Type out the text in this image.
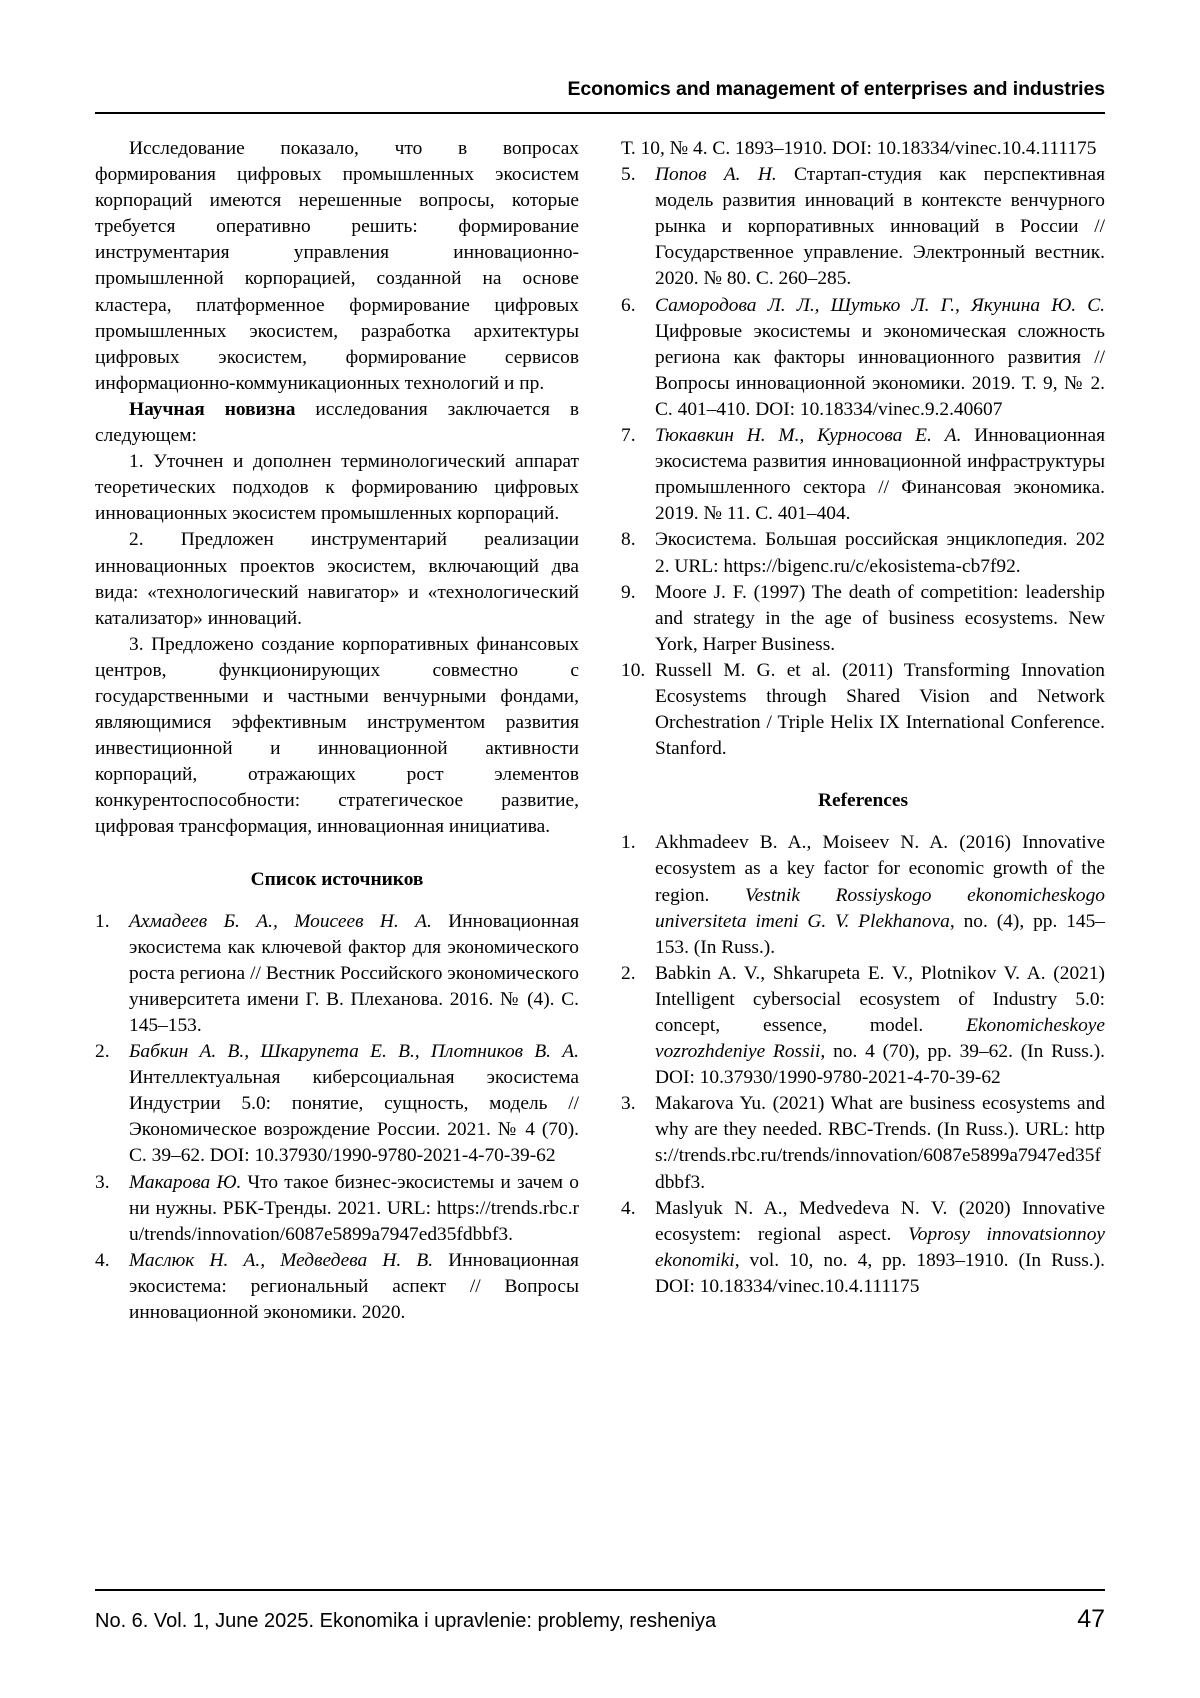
Economics and management of enterprises and industries

Исследование показало, что в вопросах формирования цифровых промышленных экосистем корпораций имеются нерешенные вопросы, которые требуется оперативно решить: формирование инструментария управления инновационно-промышленной корпорацией, созданной на основе кластера, платформенное формирование цифровых промышленных экосистем, разработка архитектуры цифровых экосистем, формирование сервисов информационно-коммуникационных технологий и пр.

Научная новизна исследования заключается в следующем:

1. Уточнен и дополнен терминологический аппарат теоретических подходов к формированию цифровых инновационных экосистем промышленных корпораций.

2. Предложен инструментарий реализации инновационных проектов экосистем, включающий два вида: «технологический навигатор» и «технологический катализатор» инноваций.

3. Предложено создание корпоративных финансовых центров, функционирующих совместно с государственными и частными венчурными фондами, являющимися эффективным инструментом развития инвестиционной и инновационной активности корпораций, отражающих рост элементов конкурентоспособности: стратегическое развитие, цифровая трансформация, инновационная инициатива.

Список источников
1.	Ахмадеев Б. А., Моисеев Н. А. Инновационная экосистема как ключевой фактор для экономического роста региона // Вестник Российского экономического университета имени Г. В. Плеханова. 2016. № (4). С. 145–153.
2.	Бабкин А. В., Шкарупета Е. В., Плотников В. А. Интеллектуальная киберсоциальная экосистема Индустрии 5.0: понятие, сущность, модель // Экономическое возрождение России. 2021. № 4 (70). С. 39–62. DOI: 10.37930/1990-9780-2021-4-70-39-62
3.	Макарова Ю. Что такое бизнес-экосистемы и зачем они нужны. РБК-Тренды. 2021. URL: https://trends.rbc.ru/trends/innovation/6087e5899a7947ed35fdbbf3.
4.	Маслюк Н. А., Медведева Н. В. Инновационная экосистема: региональный аспект // Вопросы инновационной экономики. 2020.

Т. 10, № 4. С. 1893–1910. DOI: 10.18334/vinec.10.4.111175

5.	Попов А. Н. Стартап-студия как перспективная модель развития инноваций в контексте венчурного рынка и корпоративных инноваций в России // Государственное управление. Электронный вестник. 2020. № 80. С. 260–285.
6.	Самородова Л. Л., Шутько Л. Г., Якунина Ю. С. Цифровые экосистемы и экономическая сложность региона как факторы инновационного развития // Вопросы инновационной экономики. 2019. Т. 9, № 2. С. 401–410. DOI: 10.18334/vinec.9.2.40607
7.	Тюкавкин Н. М., Курносова Е. А. Инновационная экосистема развития инновационной инфраструктуры промышленного сектора // Финансовая экономика. 2019. № 11. С. 401–404.
8.	Экосистема. Большая российская энциклопедия. 2022. URL: https://bigenc.ru/c/ekosistema-cb7f92.
9.	Moore J. F. (1997) The death of competition: leadership and strategy in the age of business ecosystems. New York, Harper Business.
10. Russell M. G. et al. (2011) Transforming Innovation Ecosystems through Shared Vision and Network Orchestration / Triple Helix IX International Conference. Stanford.
References
1.	Akhmadeev B. A., Moiseev N. A. (2016) Innovative ecosystem as a key factor for economic growth of the region. Vestnik Rossiyskogo ekonomicheskogo universiteta imeni G. V. Plekhanova, no. (4), pp. 145–153. (In Russ.).
2.	Babkin A. V., Shkarupeta E. V., Plotnikov V. A. (2021) Intelligent cybersocial ecosystem of Industry 5.0: concept, essence, model. Ekonomicheskoye vozrozhdeniye Rossii, no. 4 (70), pp. 39–62. (In Russ.). DOI: 10.37930/1990-9780-2021-4-70-39-62
3.	Makarova Yu. (2021) What are business ecosystems and why are they needed. RBC-Trends. (In Russ.). URL: https://trends.rbc.ru/trends/innovation/6087e5899a7947ed35fdbbf3.
4.	Maslyuk N. A., Medvedeva N. V. (2020) Innovative ecosystem: regional aspect. Voprosy innovatsionnoy ekonomiki, vol. 10, no. 4, pp. 1893–1910. (In Russ.). DOI: 10.18334/vinec.10.4.111175
No. 6. Vol. 1, June 2025. Ekonomika i upravlenie: problemy, resheniya	47
